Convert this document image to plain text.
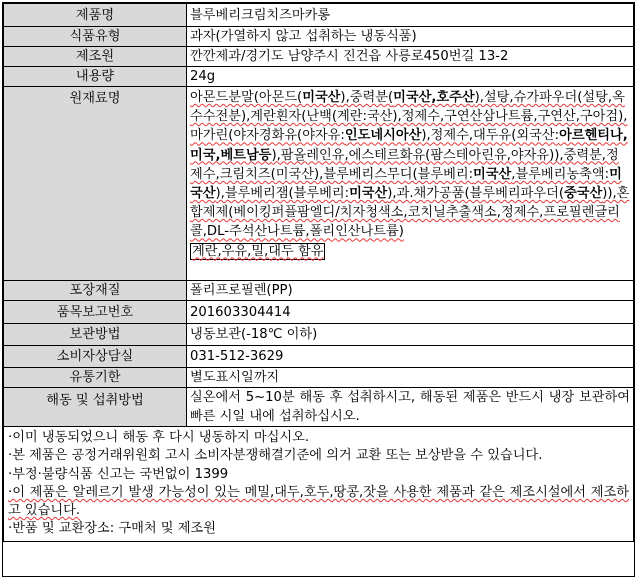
제품명	블루베리크림치즈마카롱
식품유형	과자(가열하지 않고 섭취하는 냉동식품)
제조원	깐깐제과/경기도 남양주시 진건읍 사릉로450번길 13-2
내용량	24g
원재료명	아몬드분말(아몬드(미국산),중력분(미국산,호주산),설탕,슈가파우더(설탕,옥수수전분),계란흰자(난백(계란:국산),정제수,구연산삼나트륨,구연산,구아검),마가린(야자경화유(야자유:인도네시아산),정제수,대두유(외국산:아르헨티나,미국,베트남등),팜올레인유,에스테르화유(팜스테아린유,야자유)),중력분,정제수,크림치즈(미국산),블루베리스무디(블루베리:미국산,블루베리농축액:미국산),블루베리잼(블루베리:미국산),과.채가공품(블루베리파우더(중국산)),혼합제제(베이킹퍼플팜엘디/치자청색소,코치닐추출색소,정제수,프로필렌글리콜,DL-주석산나트륨,폴리인산나트륨)
계란,우유,밀,대두 함유

포장재질	폴리프로필렌(PP)
품목보고번호	201603304414
보관방법	냉동보관(-18℃ 이하)
소비자상담실	031-512-3629
유통기한	별도표시일까지
해동 및 섭취방법	실온에서 5~10분 해동 후 섭취하시고, 해동된 제품은 반드시 냉장 보관하여 빠른 시일 내에 섭취하십시오.

·이미 냉동되었으니 해동 후 다시 냉동하지 마십시오.
·본 제품은 공정거래위원회 고시 소비자분쟁해결기준에 의거 교환 또는 보상받을 수 있습니다.
·부정·불량식품 신고는 국번없이 1399
·이 제품은 알레르기 발생 가능성이 있는 메밀,대두,호두,땅콩,잣을 사용한 제품과 같은 제조시설에서 제조하고 있습니다.
·반품 및 교환장소: 구매처 및 제조원	
